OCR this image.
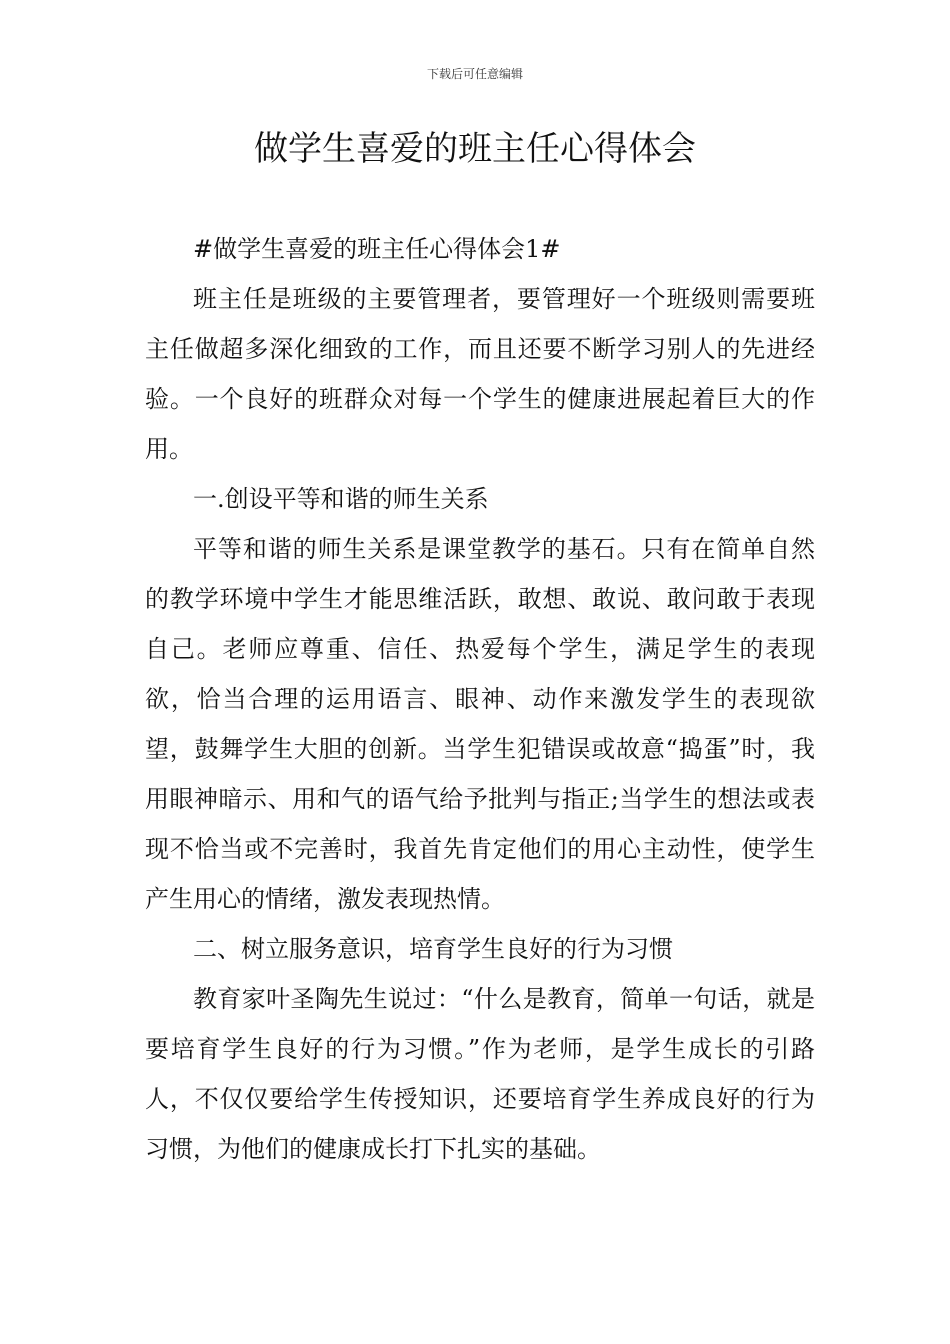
下载后可任意编辑
做学生喜爱的班主任心得体会

#做学生喜爱的班主任心得体会1#

班主任是班级的主要管理者，要管理好一个班级则需要班主任做超多深化细致的工作，而且还要不断学习别人的先进经验。一个良好的班群众对每一个学生的健康进展起着巨大的作用。

一.创设平等和谐的师生关系

平等和谐的师生关系是课堂教学的基石。只有在简单自然的教学环境中学生才能思维活跃，敢想、敢说、敢问敢于表现自己。老师应尊重、信任、热爱每个学生，满足学生的表现欲，恰当合理的运用语言、眼神、动作来激发学生的表现欲望，鼓舞学生大胆的创新。当学生犯错误或故意“捣蛋”时，我用眼神暗示、用和气的语气给予批判与指正;当学生的想法或表现不恰当或不完善时，我首先肯定他们的用心主动性，使学生产生用心的情绪，激发表现热情。

二、树立服务意识，培育学生良好的行为习惯

教育家叶圣陶先生说过：“什么是教育，简单一句话，就是要培育学生良好的行为习惯。”作为老师，是学生成长的引路人，不仅仅要给学生传授知识，还要培育学生养成良好的行为习惯，为他们的健康成长打下扎实的基础。
